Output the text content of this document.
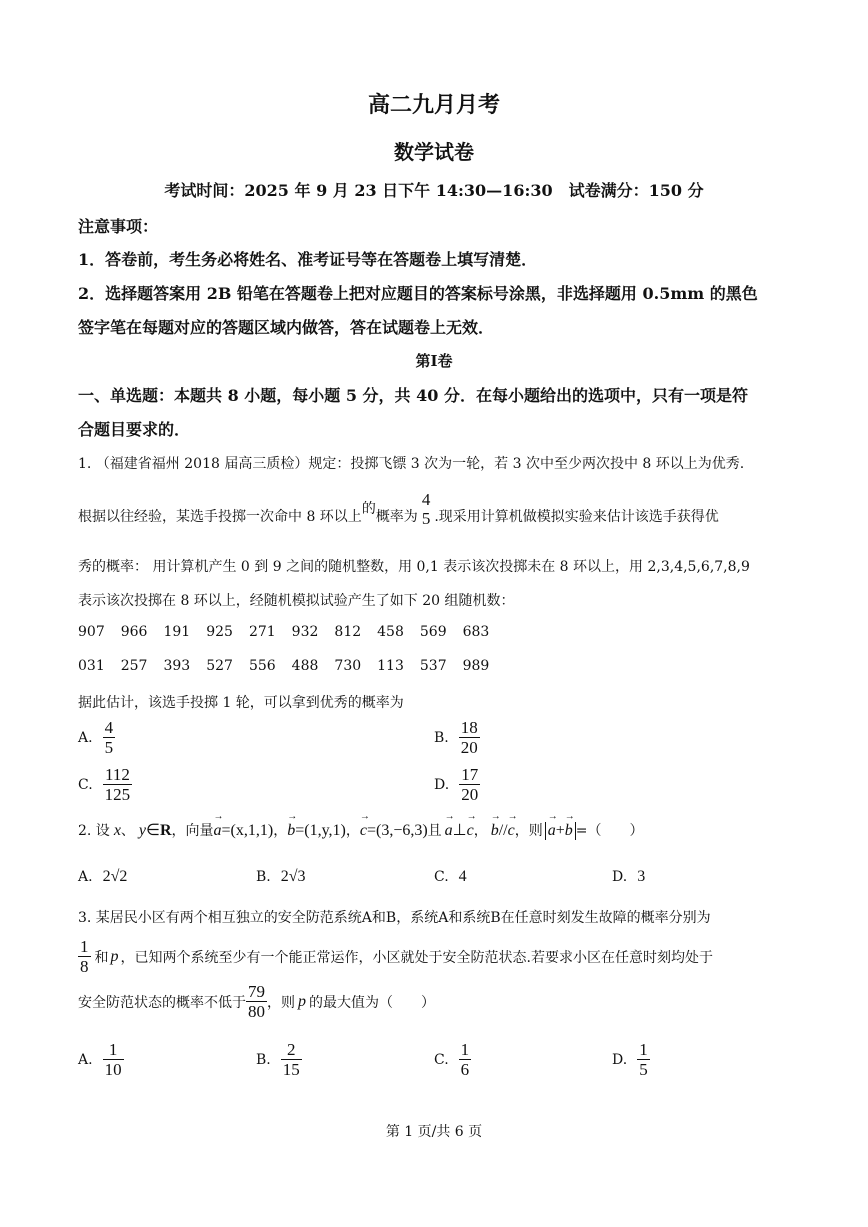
高二九月月考
数学试卷
考试时间：2025 年 9 月 23 日下午 14:30—16:30　试卷满分：150 分
注意事项：
1．答卷前，考生务必将姓名、准考证号等在答题卷上填写清楚．
2．选择题答案用 2B 铅笔在答题卷上把对应题目的答案标号涂黑，非选择题用 0.5mm 的黑色
签字笔在每题对应的答题区域内做答，答在试题卷上无效．
第Ⅰ卷
一、单选题：本题共 8 小题，每小题 5 分，共 40 分．在每小题给出的选项中，只有一项是符
合题目要求的．
1. （福建省福州 2018 届高三质检）规定：投掷飞镖 3 次为一轮，若 3 次中至少两次投中 8 环以上为优秀.
根据以往经验，某选手投掷一次命中 8 环以上 的 概率为
4
5 .现采用计算机做模拟实验来估计该选手获得优
秀的概率： 用计算机产生 0 到 9 之间的随机整数，用 0,1 表示该次投掷未在 8 环以上，用 2,3,4,5,6,7,8,9
表示该次投掷在 8 环以上，经随机模拟试验产生了如下 20 组随机数：
907 966 191 925 271 932 812 458 569 683
031 257 393 527 556 488 730 113 537 989
据此估计，该选手投掷 1 轮，可以拿到优秀的概率为
A. $\frac{4}{5}$	B. $\frac{18}{20}$
C. $\frac{112}{125}$	D. $\frac{17}{20}$
2. 设 x 、 y ∈ R ，向量 → a =(x,1,1) ， → b =(1,y,1) ， → c =(3,−6,3) 且 → a ⊥ → c ， → b // → c ，则 → a+→ b =（　　）
A. 2√2	B. 2√3	C. 4	D. 3
3. 某居民小区有两个相互独立的安全防范系统A和B，系统A和系统B在任意时刻发生故障的概率分别为
$\frac{1}{8}$ 和 p ，已知两个系统至少有一个能正常运作，小区就处于安全防范状态.若要求小区在任意时刻均处于
安全防范状态的概率不低于 $\frac{79}{80}$ ，则 p 的最大值为（　　）
A. $\frac{1}{10}$	B. $\frac{2}{15}$	C. $\frac{1}{6}$	D. $\frac{1}{5}$
第 1 页/共 6 页
